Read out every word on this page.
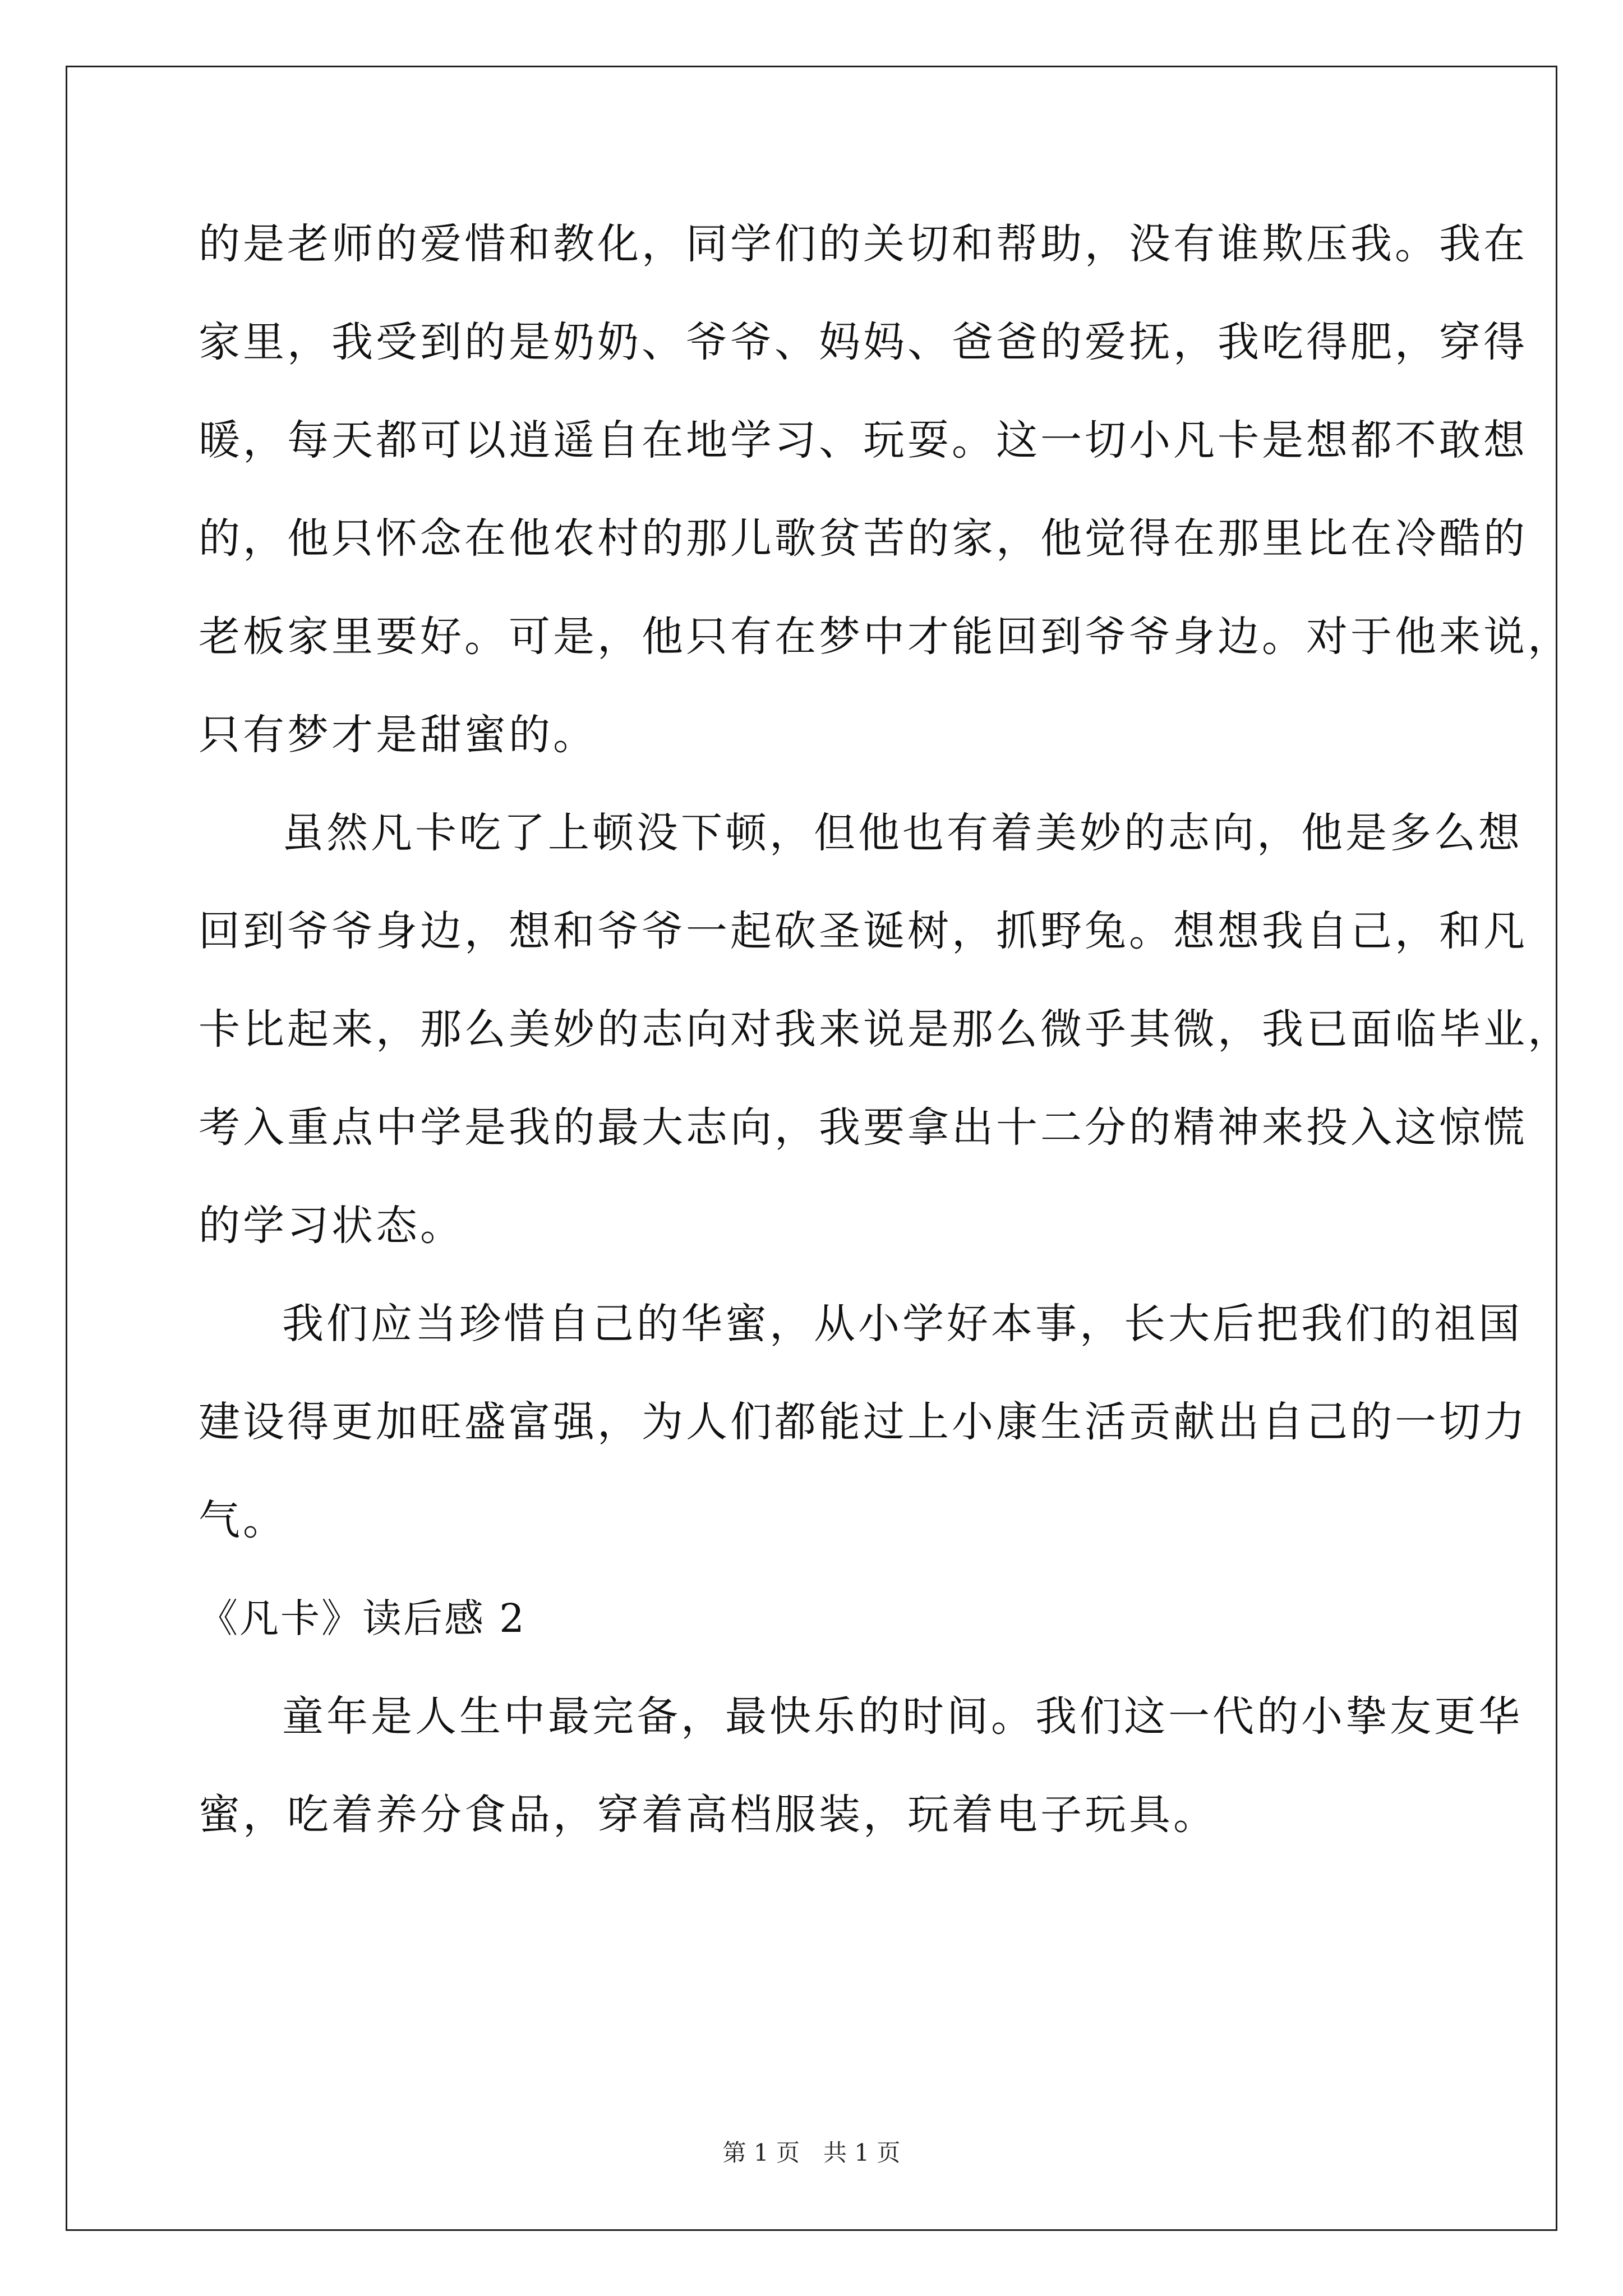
的是老师的爱惜和教化，同学们的关切和帮助，没有谁欺压我。我在
家里，我受到的是奶奶、爷爷、妈妈、爸爸的爱抚，我吃得肥，穿得
暖，每天都可以逍遥自在地学习、玩耍。这一切小凡卡是想都不敢想
的，他只怀念在他农村的那儿歌贫苦的家，他觉得在那里比在冷酷的
老板家里要好。可是，他只有在梦中才能回到爷爷身边。对于他来说，
只有梦才是甜蜜的。
虽然凡卡吃了上顿没下顿，但他也有着美妙的志向，他是多么想
回到爷爷身边，想和爷爷一起砍圣诞树，抓野兔。想想我自己，和凡
卡比起来，那么美妙的志向对我来说是那么微乎其微，我已面临毕业，
考入重点中学是我的最大志向，我要拿出十二分的精神来投入这惊慌
的学习状态。
我们应当珍惜自己的华蜜，从小学好本事，长大后把我们的祖国
建设得更加旺盛富强，为人们都能过上小康生活贡献出自己的一切力
气。
《凡卡》读后感 2
童年是人生中最完备，最快乐的时间。我们这一代的小挚友更华
蜜，吃着养分食品，穿着高档服装，玩着电子玩具。
第 1 页　共 1 页
